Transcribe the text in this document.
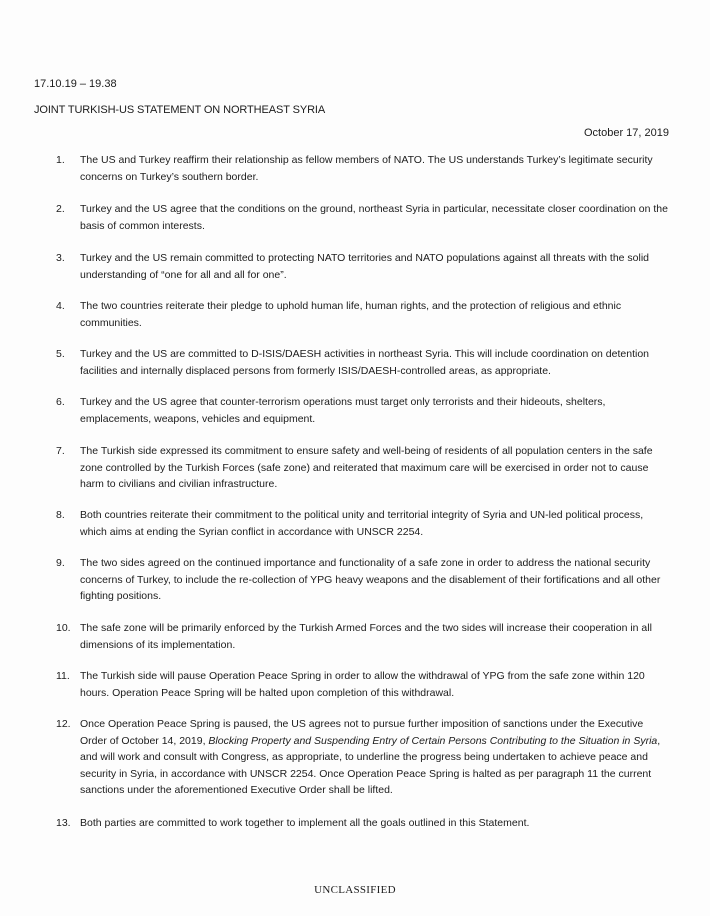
17.10.19 – 19.38
JOINT TURKISH-US STATEMENT ON NORTHEAST SYRIA
October 17, 2019
1.	The US and Turkey reaffirm their relationship as fellow members of NATO. The US understands Turkey’s legitimate security concerns on Turkey’s southern border.
2.	Turkey and the US agree that the conditions on the ground, northeast Syria in particular, necessitate closer coordination on the basis of common interests.
3.	Turkey and the US remain committed to protecting NATO territories and NATO populations against all threats with the solid understanding of “one for all and all for one”.
4.	The two countries reiterate their pledge to uphold human life, human rights, and the protection of religious and ethnic communities.
5.	Turkey and the US are committed to D-ISIS/DAESH activities in northeast Syria. This will include coordination on detention facilities and internally displaced persons from formerly ISIS/DAESH-controlled areas, as appropriate.
6.	Turkey and the US agree that counter-terrorism operations must target only terrorists and their hideouts, shelters, emplacements, weapons, vehicles and equipment.
7.	The Turkish side expressed its commitment to ensure safety and well-being of residents of all population centers in the safe zone controlled by the Turkish Forces (safe zone) and reiterated that maximum care will be exercised in order not to cause harm to civilians and civilian infrastructure.
8.	Both countries reiterate their commitment to the political unity and territorial integrity of Syria and UN-led political process, which aims at ending the Syrian conflict in accordance with UNSCR 2254.
9.	The two sides agreed on the continued importance and functionality of a safe zone in order to address the national security concerns of Turkey, to include the re-collection of YPG heavy weapons and the disablement of their fortifications and all other fighting positions.
10. The safe zone will be primarily enforced by the Turkish Armed Forces and the two sides will increase their cooperation in all dimensions of its implementation.
11. The Turkish side will pause Operation Peace Spring in order to allow the withdrawal of YPG from the safe zone within 120 hours. Operation Peace Spring will be halted upon completion of this withdrawal.
12. Once Operation Peace Spring is paused, the US agrees not to pursue further imposition of sanctions under the Executive Order of October 14, 2019, Blocking Property and Suspending Entry of Certain Persons Contributing to the Situation in Syria, and will work and consult with Congress, as appropriate, to underline the progress being undertaken to achieve peace and security in Syria, in accordance with UNSCR 2254. Once Operation Peace Spring is halted as per paragraph 11 the current sanctions under the aforementioned Executive Order shall be lifted.
13. Both parties are committed to work together to implement all the goals outlined in this Statement.
UNCLASSIFIED
